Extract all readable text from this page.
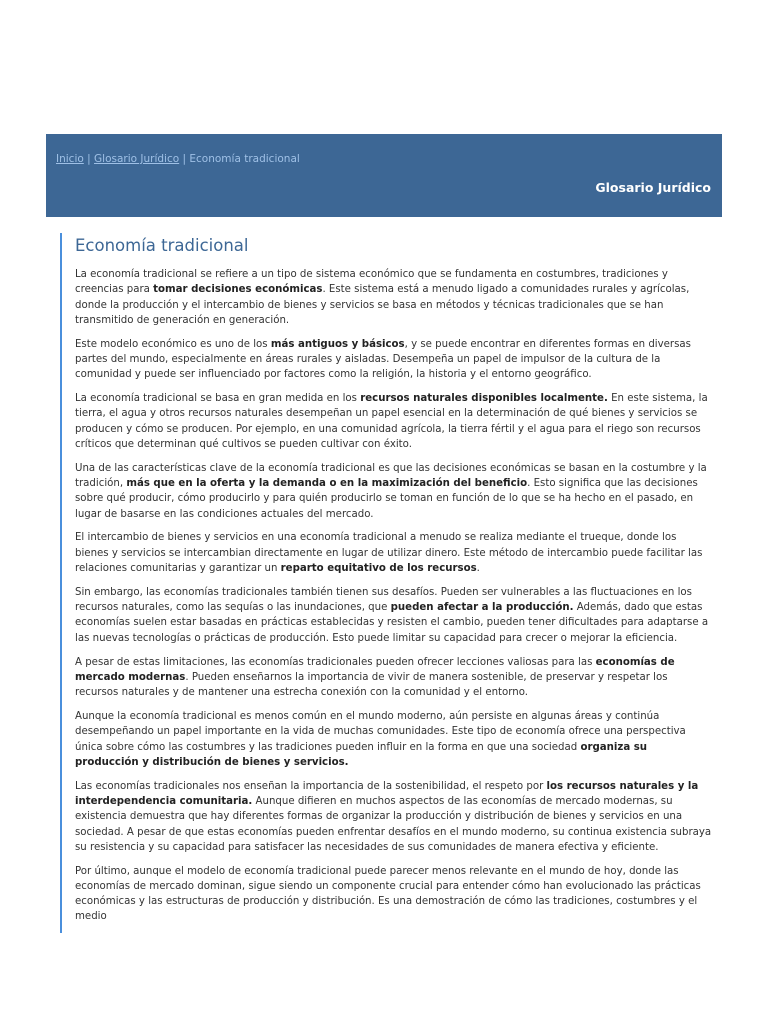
Inicio | Glosario Jurídico | Economía tradicional
Glosario Jurídico
Economía tradicional

La economía tradicional se refiere a un tipo de sistema económico que se fundamenta en costumbres, tradiciones y creencias para tomar decisiones económicas. Este sistema está a menudo ligado a comunidades rurales y agrícolas, donde la producción y el intercambio de bienes y servicios se basa en métodos y técnicas tradicionales que se han transmitido de generación en generación.

Este modelo económico es uno de los más antiguos y básicos, y se puede encontrar en diferentes formas en diversas partes del mundo, especialmente en áreas rurales y aisladas. Desempeña un papel de impulsor de la cultura de la comunidad y puede ser influenciado por factores como la religión, la historia y el entorno geográfico.

La economía tradicional se basa en gran medida en los recursos naturales disponibles localmente. En este sistema, la tierra, el agua y otros recursos naturales desempeñan un papel esencial en la determinación de qué bienes y servicios se producen y cómo se producen. Por ejemplo, en una comunidad agrícola, la tierra fértil y el agua para el riego son recursos críticos que determinan qué cultivos se pueden cultivar con éxito.

Una de las características clave de la economía tradicional es que las decisiones económicas se basan en la costumbre y la tradición, más que en la oferta y la demanda o en la maximización del beneficio. Esto significa que las decisiones sobre qué producir, cómo producirlo y para quién producirlo se toman en función de lo que se ha hecho en el pasado, en lugar de basarse en las condiciones actuales del mercado.

El intercambio de bienes y servicios en una economía tradicional a menudo se realiza mediante el trueque, donde los bienes y servicios se intercambian directamente en lugar de utilizar dinero. Este método de intercambio puede facilitar las relaciones comunitarias y garantizar un reparto equitativo de los recursos.

Sin embargo, las economías tradicionales también tienen sus desafíos. Pueden ser vulnerables a las fluctuaciones en los recursos naturales, como las sequías o las inundaciones, que pueden afectar a la producción. Además, dado que estas economías suelen estar basadas en prácticas establecidas y resisten el cambio, pueden tener dificultades para adaptarse a las nuevas tecnologías o prácticas de producción. Esto puede limitar su capacidad para crecer o mejorar la eficiencia.

A pesar de estas limitaciones, las economías tradicionales pueden ofrecer lecciones valiosas para las economías de mercado modernas. Pueden enseñarnos la importancia de vivir de manera sostenible, de preservar y respetar los recursos naturales y de mantener una estrecha conexión con la comunidad y el entorno.

Aunque la economía tradicional es menos común en el mundo moderno, aún persiste en algunas áreas y continúa desempeñando un papel importante en la vida de muchas comunidades. Este tipo de economía ofrece una perspectiva única sobre cómo las costumbres y las tradiciones pueden influir en la forma en que una sociedad organiza su producción y distribución de bienes y servicios.

Las economías tradicionales nos enseñan la importancia de la sostenibilidad, el respeto por los recursos naturales y la interdependencia comunitaria. Aunque difieren en muchos aspectos de las economías de mercado modernas, su existencia demuestra que hay diferentes formas de organizar la producción y distribución de bienes y servicios en una sociedad. A pesar de que estas economías pueden enfrentar desafíos en el mundo moderno, su continua existencia subraya su resistencia y su capacidad para satisfacer las necesidades de sus comunidades de manera efectiva y eficiente.

Por último, aunque el modelo de economía tradicional puede parecer menos relevante en el mundo de hoy, donde las economías de mercado dominan, sigue siendo un componente crucial para entender cómo han evolucionado las prácticas económicas y las estructuras de producción y distribución. Es una demostración de cómo las tradiciones, costumbres y el medio
